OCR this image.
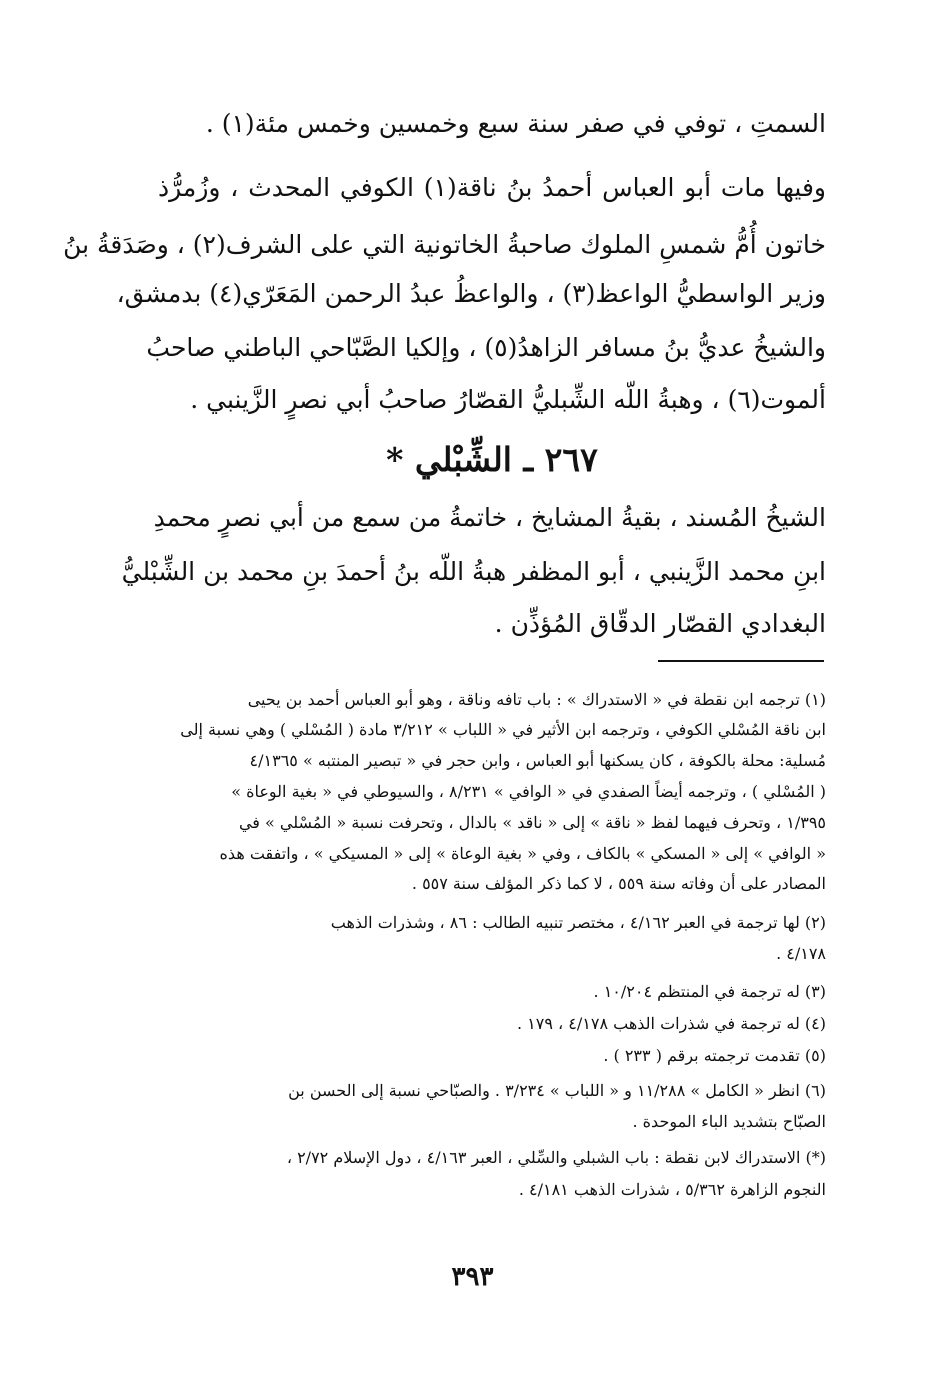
السمتِ ، توفي في صفر سنة سبع وخمسين وخمس مئة(١) .
وفيها مات أبو العباس أحمدُ بنُ ناقة(١) الكوفي المحدث ، وزُمرُّذ
خاتون أُمُّ شمسِ الملوك صاحبةُ الخاتونية التي على الشرف(٢) ، وصَدَقةُ بنُ
وزير الواسطيُّ الواعظ(٣) ، والواعظُ عبدُ الرحمن المَعَرّي(٤) بدمشق،
والشيخُ عديُّ بنُ مسافر الزاهدُ(٥) ، وإلكيا الصَّبّاحي الباطني صاحبُ
ألموت(٦) ، وهبةُ اللّه الشِّبليُّ القصّارُ صاحبُ أبي نصرٍ الزَّينبي .
٢٦٧ ـ الشِّبْلي *
الشيخُ المُسند ، بقيةُ المشايخ ، خاتمةُ من سمع من أبي نصرٍ محمدِ
ابنِ محمد الزَّينبي ، أبو المظفر هبةُ اللّه بنُ أحمدَ بنِ محمد بن الشِّبْليُّ
البغدادي القصّار الدقّاق المُؤذِّن .
(١) ترجمه ابن نقطة في « الاستدراك » : باب تافه وناقة ، وهو أبو العباس أحمد بن يحيى
ابن ناقة المُسْلي الكوفي ، وترجمه ابن الأثير في « اللباب » ٣/٢١٢ مادة ( المُسْلي ) وهي نسبة إلى
مُسلية: محلة بالكوفة ، كان يسكنها أبو العباس ، وابن حجر في « تبصير المنتبه » ٤/١٣٦٥
( المُسْلي ) ، وترجمه أيضاً الصفدي في « الوافي » ٨/٢٣١ ، والسيوطي في « بغية الوعاة »
١/٣٩٥ ، وتحرف فيهما لفظ « ناقة » إلى « ناقد » بالدال ، وتحرفت نسبة « المُسْلي » في
« الوافي » إلى « المسكي » بالكاف ، وفي « بغية الوعاة » إلى « المسيكي » ، واتفقت هذه
المصادر على أن وفاته سنة ٥٥٩ ، لا كما ذكر المؤلف سنة ٥٥٧ .
(٢) لها ترجمة في العبر ٤/١٦٢ ، مختصر تنبيه الطالب : ٨٦ ، وشذرات الذهب
٤/١٧٨ .
(٣) له ترجمة في المنتظم ١٠/٢٠٤ .
(٤) له ترجمة في شذرات الذهب ٤/١٧٨ ، ١٧٩ .
(٥) تقدمت ترجمته برقم ( ٢٣٣ ) .
(٦) انظر « الكامل » ١١/٢٨٨ و « اللباب » ٣/٢٣٤ . والصبّاحي نسبة إلى الحسن بن
الصبّاح بتشديد الباء الموحدة .
(*) الاستدراك لابن نقطة : باب الشبلي والسِّلي ، العبر ٤/١٦٣ ، دول الإسلام ٢/٧٢ ،
النجوم الزاهرة ٥/٣٦٢ ، شذرات الذهب ٤/١٨١ .
٣٩٣
